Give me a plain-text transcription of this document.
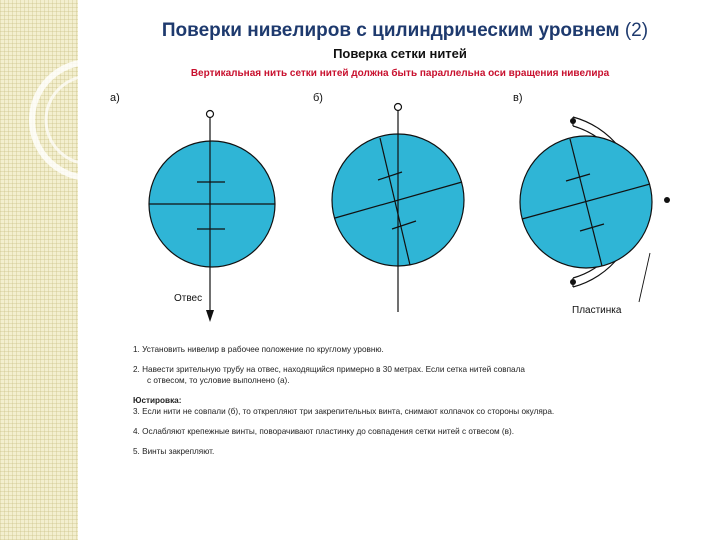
Поверки нивелиров с цилиндрическим уровнем (2)
Поверка сетки нитей
Вертикальная нить сетки нитей должна быть параллельна оси вращения нивелира
а)	б)	в)
Отвес
Пластинка

1. Установить нивелир в рабочее положение по круглому уровню.

2. Навести зрительную трубу на отвес, находящийся примерно в 30 метрах. Если сетка нитей совпала
с отвесом, то условие выполнено (а).

Юстировка:

3. Если нити не совпали (б), то открепляют три закрепительных винта, снимают колпачок со стороны окуляра.

4. Ослабляют крепежные винты, поворачивают пластинку до совпадения сетки нитей с отвесом (в).

5. Винты закрепляют.
